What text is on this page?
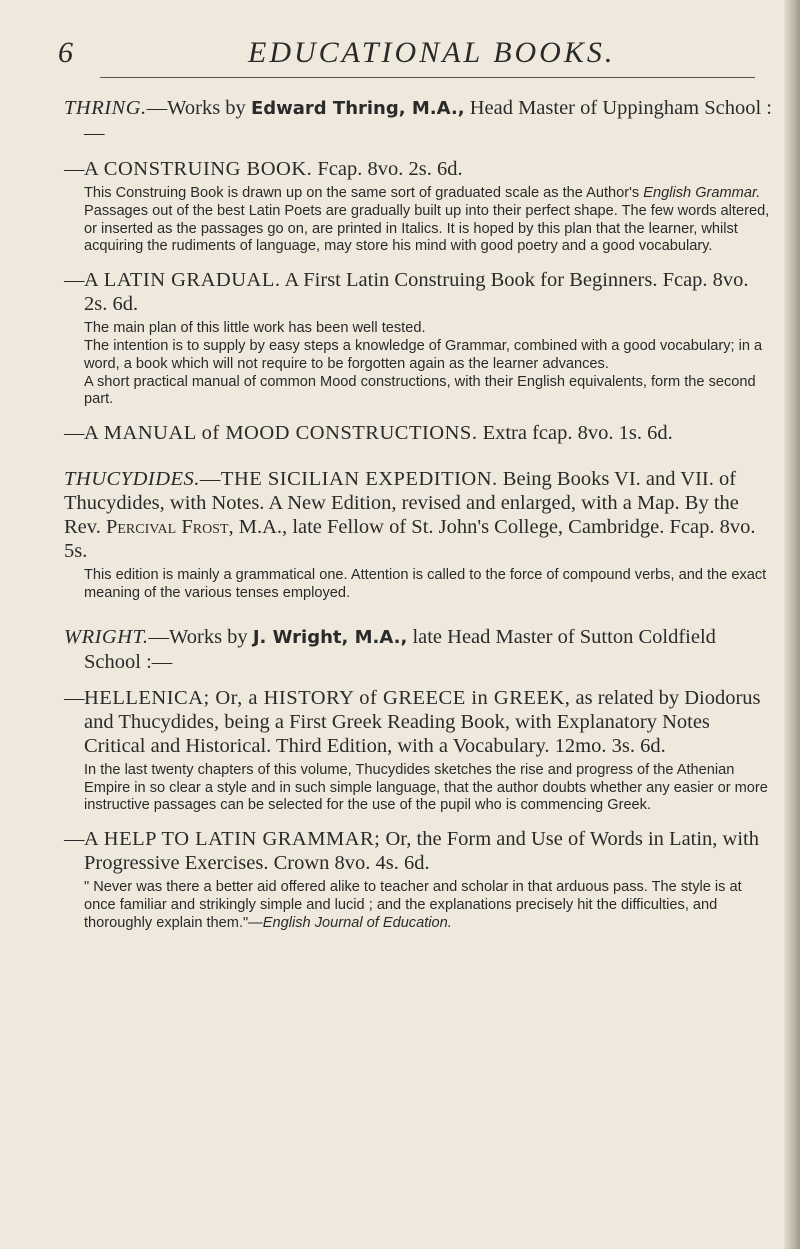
6	EDUCATIONAL BOOKS.

THRING.—Works by Edward Thring, M.A., Head Master of Uppingham School :—

—A CONSTRUING BOOK. Fcap. 8vo. 2s. 6d.

This Construing Book is drawn up on the same sort of graduated scale as the Author's English Grammar. Passages out of the best Latin Poets are gradually built up into their perfect shape. The few words altered, or inserted as the passages go on, are printed in Italics. It is hoped by this plan that the learner, whilst acquiring the rudiments of language, may store his mind with good poetry and a good vocabulary.

—A LATIN GRADUAL. A First Latin Construing Book for Beginners. Fcap. 8vo. 2s. 6d.

The main plan of this little work has been well tested.

The intention is to supply by easy steps a knowledge of Grammar, combined with a good vocabulary; in a word, a book which will not require to be forgotten again as the learner advances.

A short practical manual of common Mood constructions, with their English equivalents, form the second part.

—A MANUAL of MOOD CONSTRUCTIONS. Extra fcap. 8vo. 1s. 6d.

THUCYDIDES.—THE SICILIAN EXPEDITION. Being Books VI. and VII. of Thucydides, with Notes. A New Edition, revised and enlarged, with a Map. By the Rev. Percival Frost, M.A., late Fellow of St. John's College, Cambridge. Fcap. 8vo. 5s.

This edition is mainly a grammatical one. Attention is called to the force of compound verbs, and the exact meaning of the various tenses employed.

WRIGHT.—Works by J. Wright, M.A., late Head Master of Sutton Coldfield School :—

—HELLENICA; Or, a HISTORY of GREECE in GREEK, as related by Diodorus and Thucydides, being a First Greek Reading Book, with Explanatory Notes Critical and Historical. Third Edition, with a Vocabulary. 12mo. 3s. 6d.

In the last twenty chapters of this volume, Thucydides sketches the rise and progress of the Athenian Empire in so clear a style and in such simple language, that the author doubts whether any easier or more instructive passages can be selected for the use of the pupil who is commencing Greek.

—A HELP TO LATIN GRAMMAR; Or, the Form and Use of Words in Latin, with Progressive Exercises. Crown 8vo. 4s. 6d.

" Never was there a better aid offered alike to teacher and scholar in that arduous pass. The style is at once familiar and strikingly simple and lucid ; and the explanations precisely hit the difficulties, and thoroughly explain them."—English Journal of Education.
